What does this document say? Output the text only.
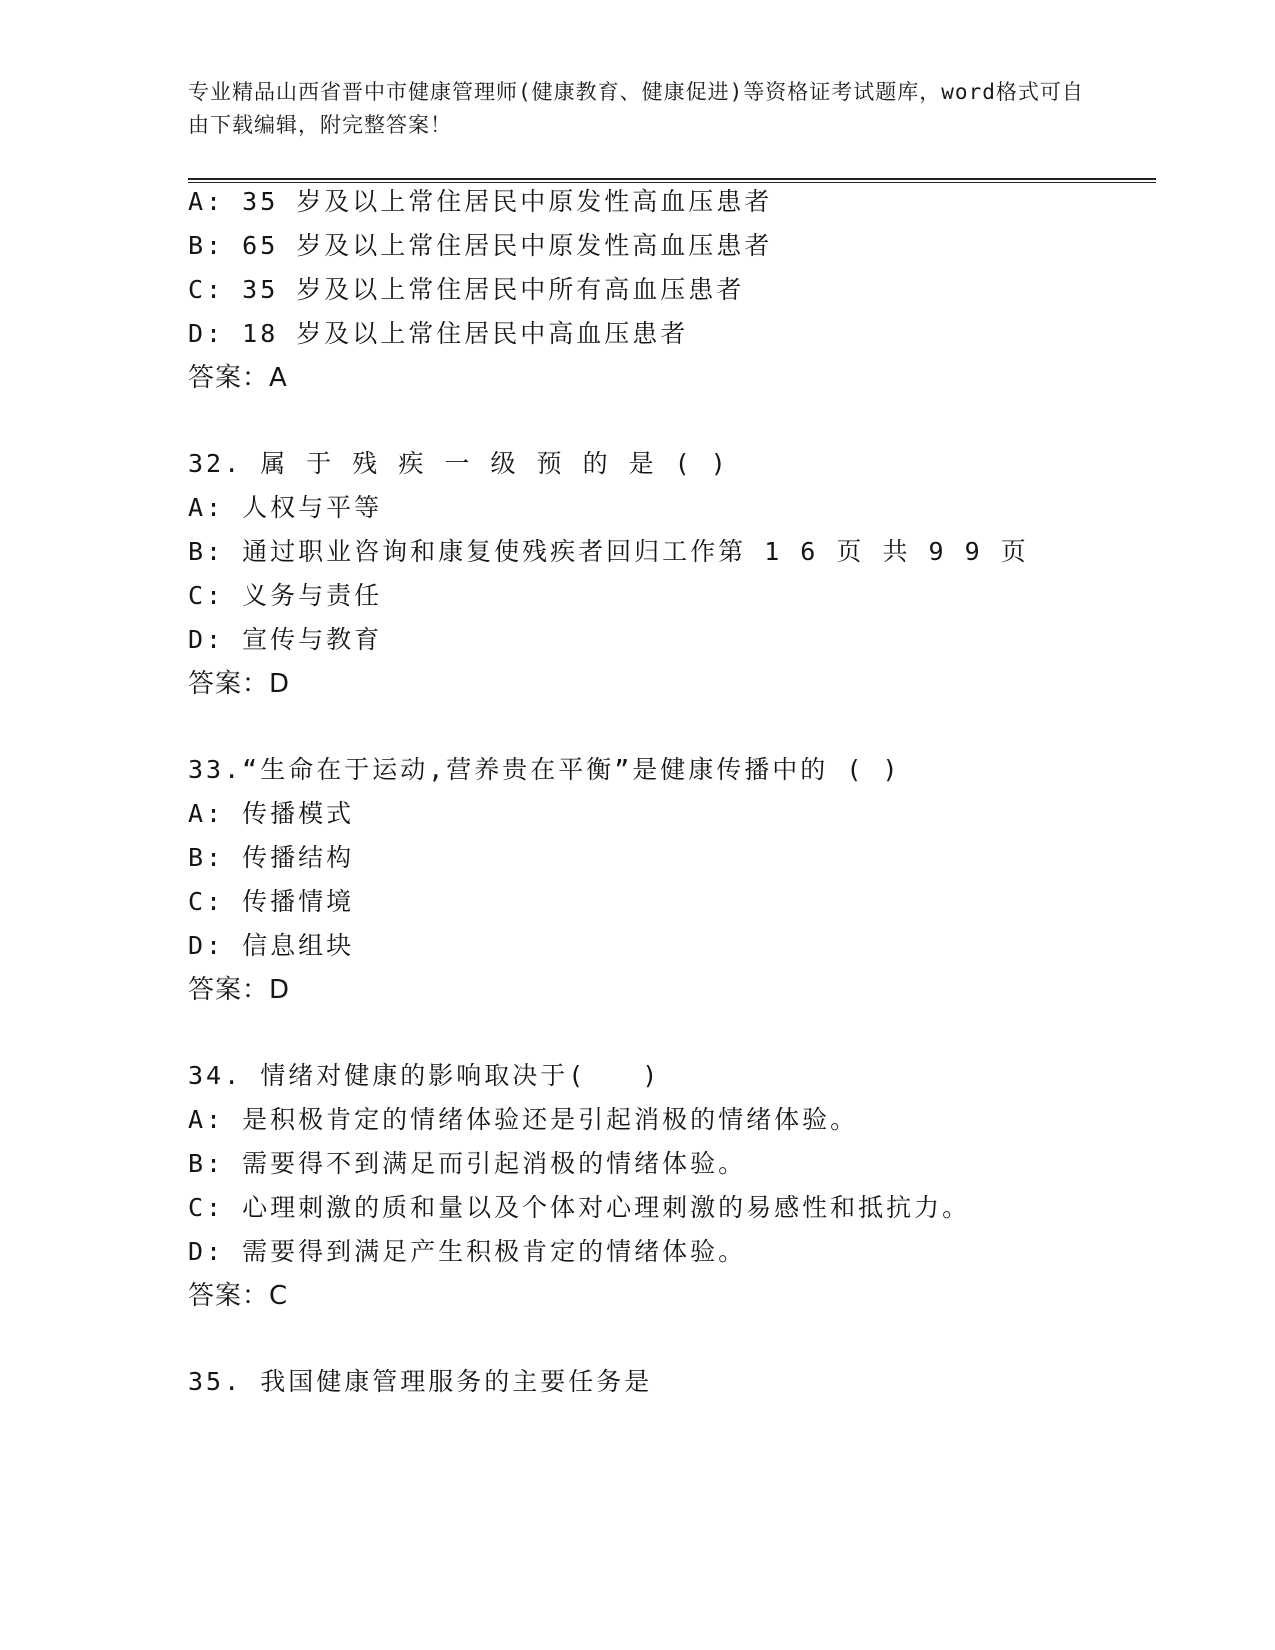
专业精品山西省晋中市健康管理师(健康教育、健康促进)等资格证考试题库，word格式可自由下载编辑，附完整答案！
A: 35 岁及以上常住居民中原发性高血压患者
B: 65 岁及以上常住居民中原发性高血压患者
C: 35 岁及以上常住居民中所有高血压患者
D: 18 岁及以上常住居民中高血压患者
答案：A
32. 属 于 残 疾 一 级 预 的 是 ( )
A: 人权与平等
B: 通过职业咨询和康复使残疾者回归工作第 1 6 页 共 9 9 页
C: 义务与责任
D: 宣传与教育
答案：D
33.“生命在于运动,营养贵在平衡”是健康传播中的 ( )
A: 传播模式
B: 传播结构
C: 传播情境
D: 信息组块
答案：D
34. 情绪对健康的影响取决于(　　)
A: 是积极肯定的情绪体验还是引起消极的情绪体验。
B: 需要得不到满足而引起消极的情绪体验。
C: 心理刺激的质和量以及个体对心理刺激的易感性和抵抗力。
D: 需要得到满足产生积极肯定的情绪体验。
答案：C
35. 我国健康管理服务的主要任务是
